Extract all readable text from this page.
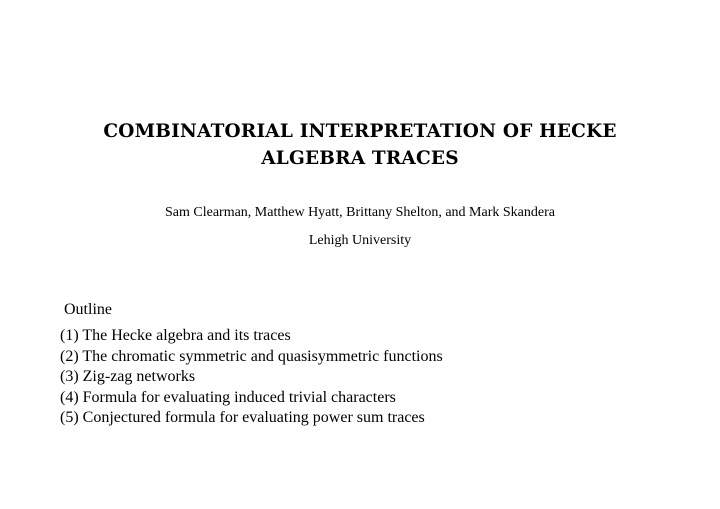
COMBINATORIAL INTERPRETATION OF HECKE
ALGEBRA TRACES

Sam Clearman, Matthew Hyatt, Brittany Shelton, and Mark Skandera

Lehigh University

Outline

(1) The Hecke algebra and its traces
(2) The chromatic symmetric and quasisymmetric functions
(3) Zig-zag networks
(4) Formula for evaluating induced trivial characters
(5) Conjectured formula for evaluating power sum traces
